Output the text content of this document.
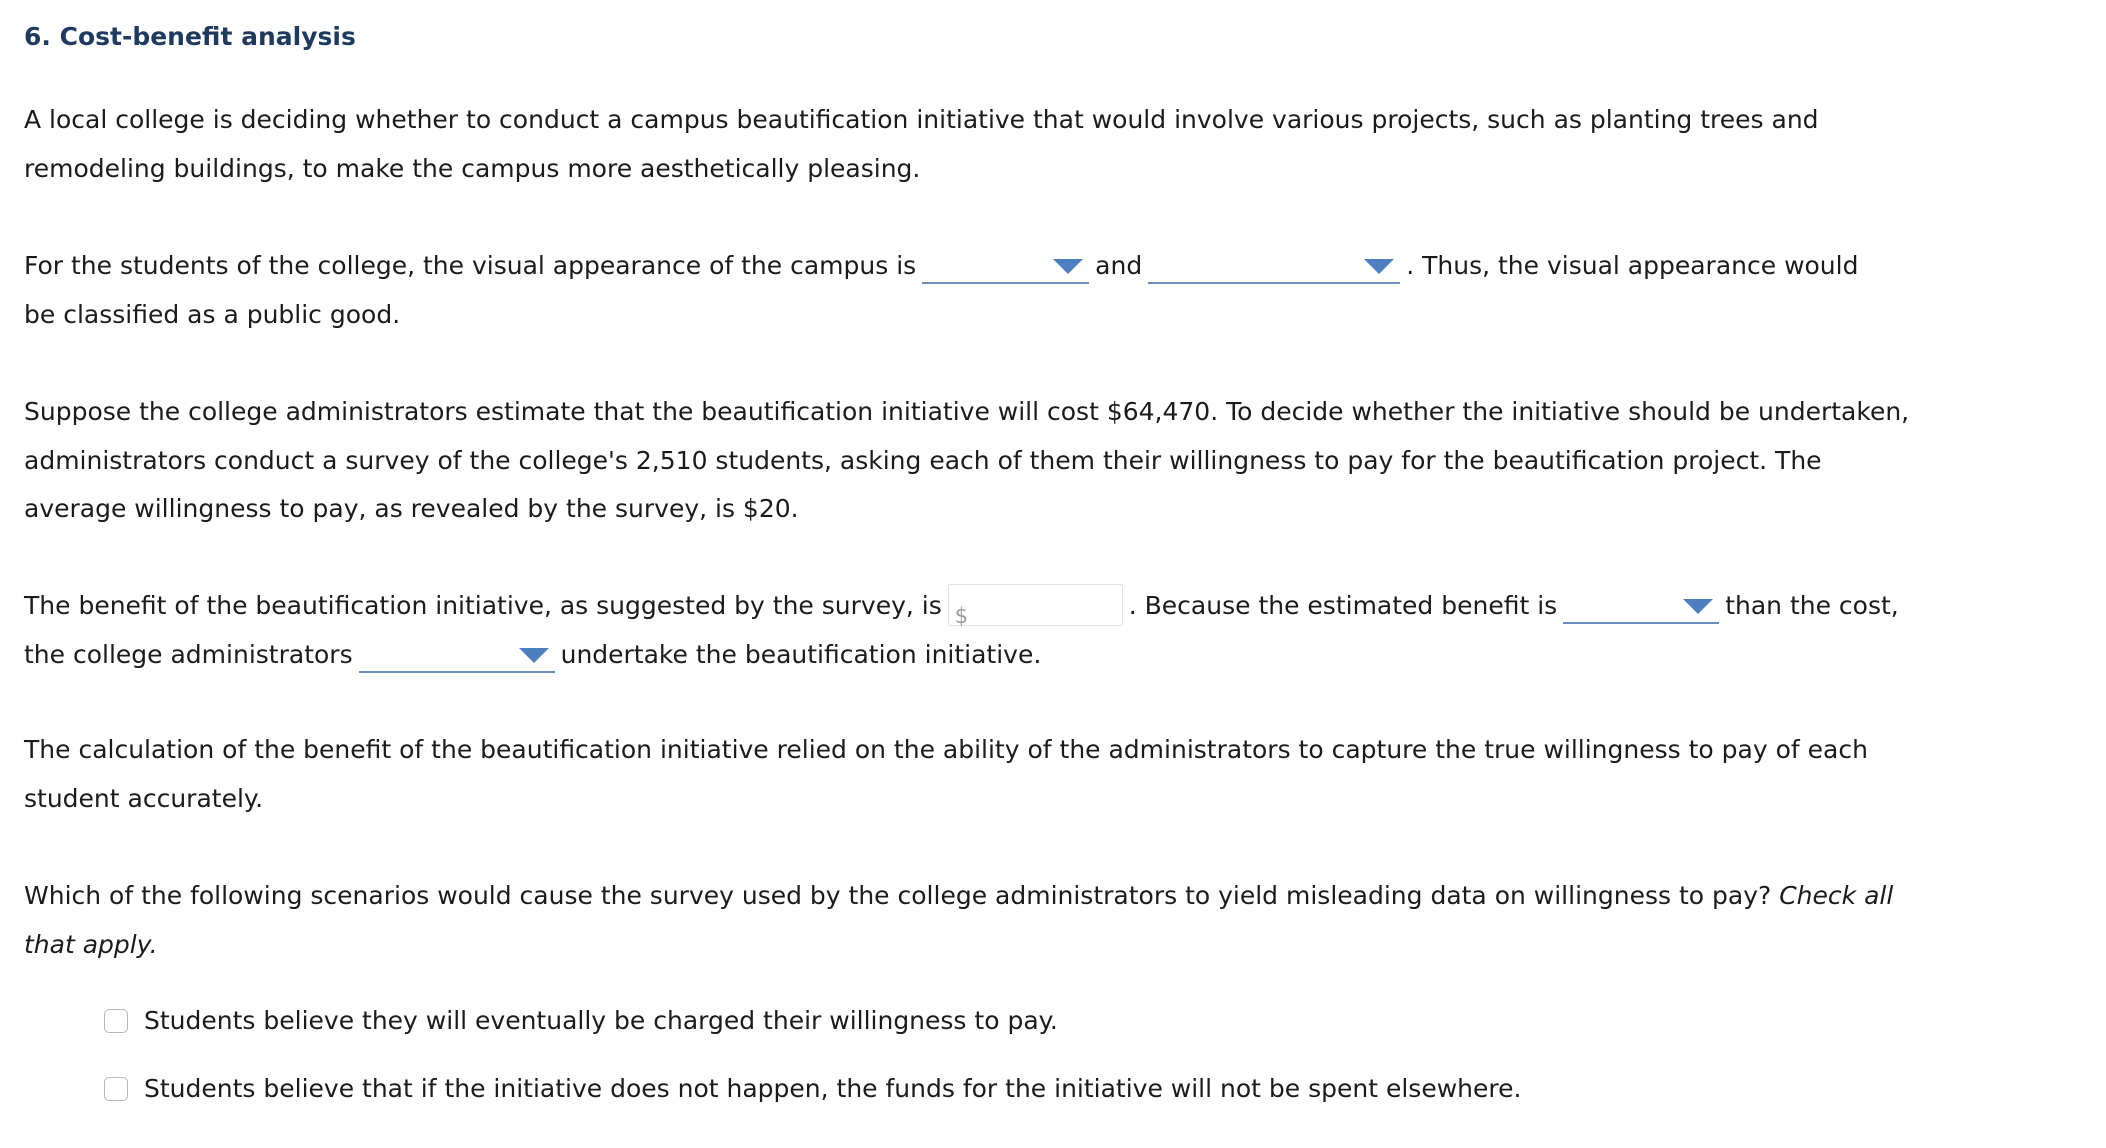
6. Cost-benefit analysis
A local college is deciding whether to conduct a campus beautification initiative that would involve various projects, such as planting trees and
remodeling buildings, to make the campus more aesthetically pleasing.
For the students of the college, the visual appearance of the campus is	and	. Thus, the visual appearance would
be classified as a public good.
Suppose the college administrators estimate that the beautification initiative will cost $64,470. To decide whether the initiative should be undertaken,
administrators conduct a survey of the college's 2,510 students, asking each of them their willingness to pay for the beautification project. The
average willingness to pay, as revealed by the survey, is $20.
The benefit of the beautification initiative, as suggested by the survey, is $	. Because the estimated benefit is	than the cost,
the college administrators	undertake the beautification initiative.
The calculation of the benefit of the beautification initiative relied on the ability of the administrators to capture the true willingness to pay of each
student accurately.
Which of the following scenarios would cause the survey used by the college administrators to yield misleading data on willingness to pay? Check all
that apply.
Students believe they will eventually be charged their willingness to pay.
Students believe that if the initiative does not happen, the funds for the initiative will not be spent elsewhere.
